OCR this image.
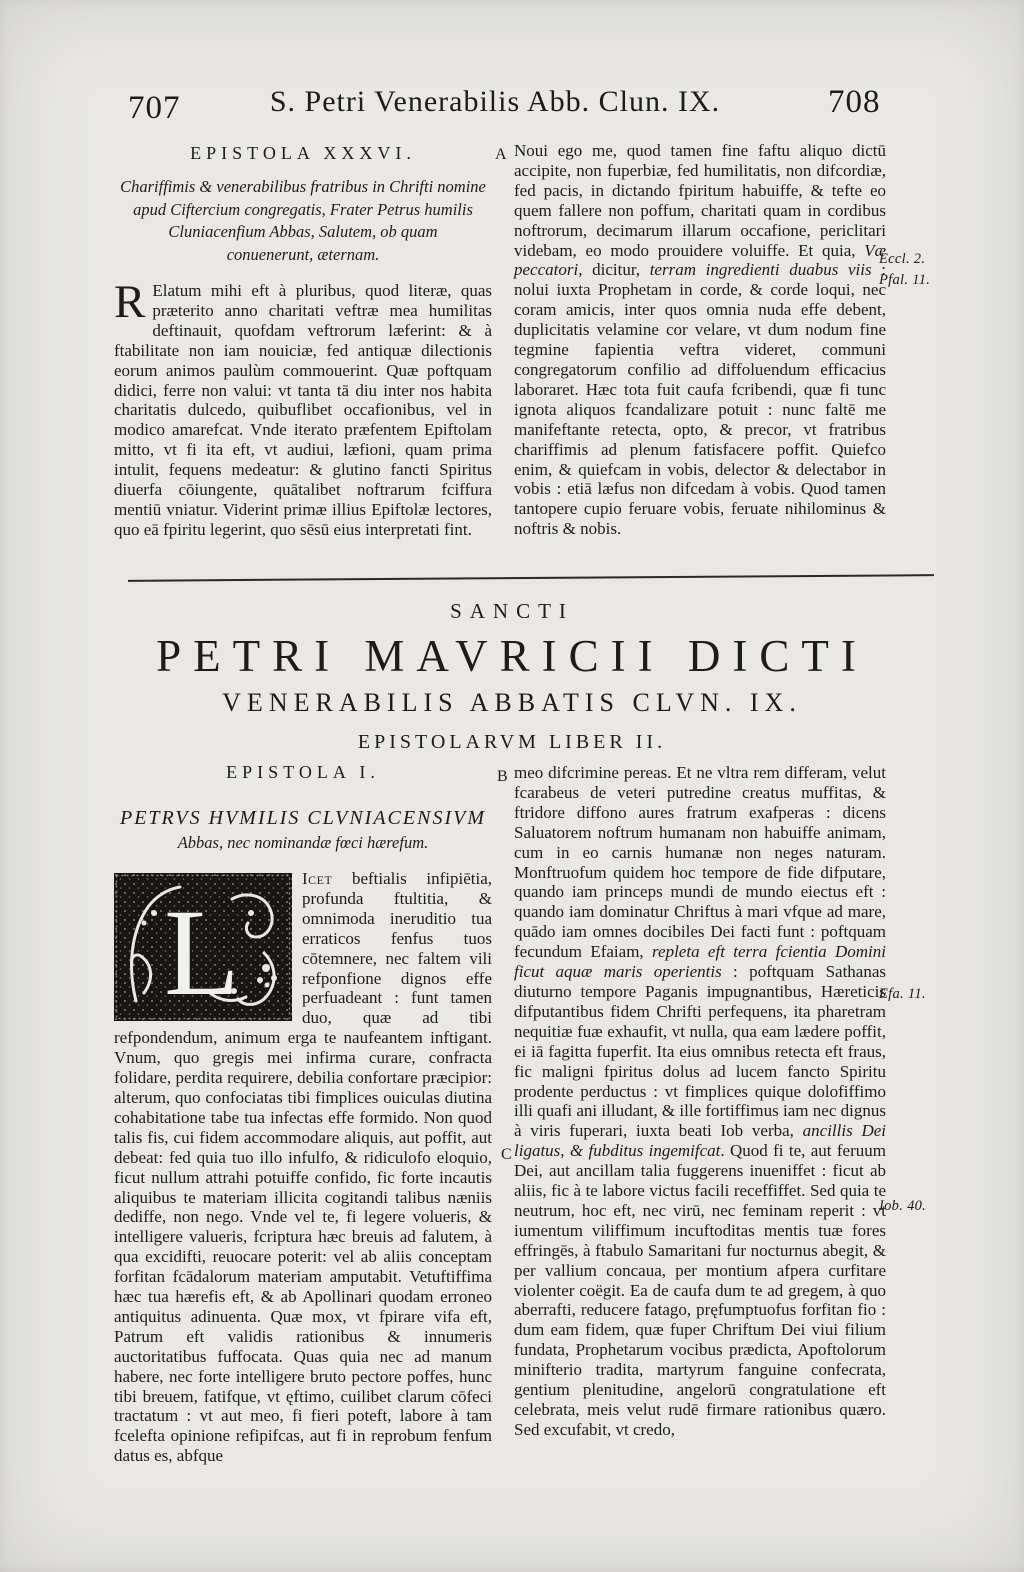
707	S. Petri Venerabilis Abb. Clun. IX.	708
EPISTOLA XXXVI.
Chariffimis & venerabilibus fratribus in Chrifti nomine
apud Ciftercium congregatis, Frater Petrus humilis
Cluniacenfium Abbas, Salutem, ob quam
conuenerunt, æternam.

R Elatum mihi eft à pluribus, quod literæ, quas præterito anno charitati veftræ mea humilitas deftinauit, quofdam veftrorum læferint: & à ftabilitate non iam nouiciæ, fed antiquæ dilectionis eorum animos paulùm commouerint. Quæ poftquam didici, ferre non valui: vt tanta tā diu inter nos habita charitatis dulcedo, quibuflibet occafionibus, vel in modico amarefcat. Vnde iterato præfentem Epiftolam mitto, vt fi ita eft, vt audiui, læfioni, quam prima intulit, fequens medeatur: & glutino fancti Spiritus diuerfa cōiungente, quātalibet noftrarum fciffura mentiū vniatur. Viderint primæ illius Epiftolæ lectores, quo eā fpiritu legerint, quo sēsū eius interpretati fint.

A Noui ego me, quod tamen fine faftu aliquo dictū accipite, non fuperbiæ, fed humilitatis, non difcordiæ, fed pacis, in dictando fpiritum habuiffe, & tefte eo quem fallere non poffum, charitati quam in cordibus noftrorum, decimarum illarum occafione, periclitari videbam, eo modo prouidere voluiffe. Et quia, Væ peccatori, dicitur, terram ingredienti duabus viis : nolui iuxta Prophetam in corde, & corde loqui, nec coram amicis, inter quos omnia nuda effe debent, duplicitatis velamine cor velare, vt dum nodum fine tegmine fapientia veftra videret, communi congregatorum confilio ad diffoluendum efficacius laboraret. Hæc tota fuit caufa fcribendi, quæ fi tunc ignota aliquos fcandalizare potuit : nunc faltē me manifeftante retecta, opto, & precor, vt fratribus chariffimis ad plenum fatisfacere poffit. Quiefco enim, & quiefcam in vobis, delector & delectabor in vobis : etiā læfus non difcedam à vobis. Quod tamen tantopere cupio feruare vobis, feruate nihilominus & noftris & nobis.

Eccl. 2.
Pfal. 11.
SANCTI
PETRI MAVRICII DICTI
VENERABILIS ABBATIS CLVN. IX.
EPISTOLARVM LIBER II.
EPISTOLA I.
PETRVS HVMILIS CLVNIACENSIVM
Abbas, nec nominandæ fœci hærefum.

L
Icet beftialis infipiētia, profunda ftultitia, & omnimoda ineruditio tua erraticos fenfus tuos cōtemnere, nec faltem vili refponfione dignos effe perfuadeant : funt tamen duo, quæ ad tibi refpondendum, animum erga te naufeantem inftigant. Vnum, quo gregis mei infirma curare, confracta folidare, perdita requirere, debilia confortare præcipior: alterum, quo confociatas tibi fimplices ouiculas diutina cohabitatione tabe tua infectas effe formido. Non quod talis fis, cui fidem accommodare aliquis, aut poffit, aut debeat: fed quia tuo illo infulfo, & ridiculofo eloquio, ficut nullum attrahi potuiffe confido, fic forte incautis aliquibus te materiam illicita cogitandi talibus næniis dediffe, non nego. Vnde vel te, fi legere volueris, & intelligere valueris, fcriptura hæc breuis ad falutem, à qua excidifti, reuocare poterit: vel ab aliis conceptam forfitan fcādalorum materiam amputabit. Vetuftiffima hæc tua hærefis eft, & ab Apollinari quodam erroneo antiquitus adinuenta. Quæ mox, vt fpirare vifa eft, Patrum eft validis rationibus & innumeris auctoritatibus fuffocata. Quas quia nec ad manum habere, nec forte intelligere bruto pectore poffes, hunc tibi breuem, fatifque, vt ęftimo, cuilibet clarum cōfeci tractatum : vt aut meo, fi fieri poteft, labore à tam fcelefta opinione refipifcas, aut fi in reprobum fenfum datus es, abfque

B
C

meo difcrimine pereas. Et ne vltra rem differam, velut fcarabeus de veteri putredine creatus muffitas, & ftridore diffono aures fratrum exafperas : dicens Saluatorem noftrum humanam non habuiffe animam, cum in eo carnis humanæ non neges naturam. Monftruofum quidem hoc tempore de fide difputare, quando iam princeps mundi de mundo eiectus eft : quando iam dominatur Chriftus à mari vfque ad mare, quādo iam omnes docibiles Dei facti funt : poftquam fecundum Efaiam, repleta eft terra fcientia Domini ficut aquæ maris operientis : poftquam Sathanas diuturno tempore Paganis impugnantibus, Hæreticis difputantibus fidem Chrifti perfequens, ita pharetram nequitiæ fuæ exhaufit, vt nulla, qua eam lædere poffit, ei iā fagitta fuperfit. Ita eius omnibus retecta eft fraus, fic maligni fpiritus dolus ad lucem fancto Spiritu prodente perductus : vt fimplices quique dolofiffimo illi quafi ani illudant, & ille fortiffimus iam nec dignus à viris fuperari, iuxta beati Iob verba, ancillis Dei ligatus, & fubditus ingemifcat. Quod fi te, aut feruum Dei, aut ancillam talia fuggerens inueniffet : ficut ab aliis, fic à te labore victus facili receffiffet. Sed quia te neutrum, hoc eft, nec virū, nec feminam reperit : vt iumentum viliffimum incuftoditas mentis tuæ fores effringēs, à ftabulo Samaritani fur nocturnus abegit, & per vallium concaua, per montium afpera curfitare violenter coëgit. Ea de caufa dum te ad gregem, à quo aberrafti, reducere fatago, pręfumptuofus forfitan fio : dum eam fidem, quæ fuper Chriftum Dei viui filium fundata, Prophetarum vocibus prædicta, Apoftolorum minifterio tradita, martyrum fanguine confecrata, gentium plenitudine, angelorū congratulatione eft celebrata, meis velut rudē firmare rationibus quæro. Sed excufabit, vt credo,

Efa. 11.
Iob. 40.
